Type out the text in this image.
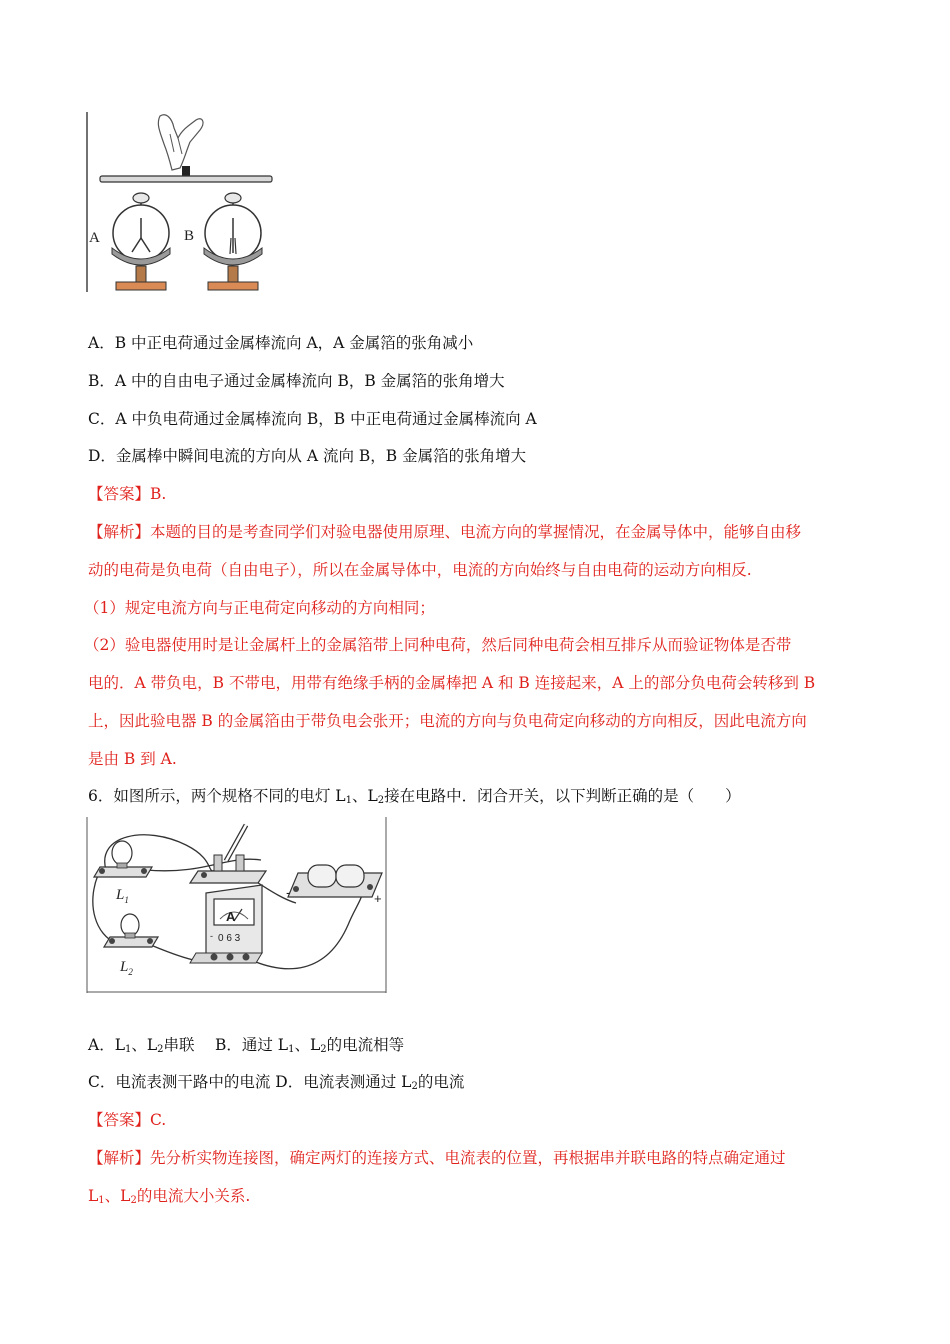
A	B
A．B 中正电荷通过金属棒流向 A，A 金属箔的张角减小
B．A 中的自由电子通过金属棒流向 B，B 金属箔的张角增大
C．A 中负电荷通过金属棒流向 B，B 中正电荷通过金属棒流向 A
D．金属棒中瞬间电流的方向从 A 流向 B，B 金属箔的张角增大
【答案】B.
【解析】本题的目的是考查同学们对验电器使用原理、电流方向的掌握情况，在金属导体中，能够自由移
动的电荷是负电荷（自由电子），所以在金属导体中，电流的方向始终与自由电荷的运动方向相反.
（1）规定电流方向与正电荷定向移动的方向相同；
（2）验电器使用时是让金属杆上的金属箔带上同种电荷，然后同种电荷会相互排斥从而验证物体是否带
电的．A 带负电，B 不带电，用带有绝缘手柄的金属棒把 A 和 B 连接起来，A 上的部分负电荷会转移到 B
上，因此验电器 B 的金属箔由于带负电会张开；电流的方向与负电荷定向移动的方向相反，因此电流方向
是由 B 到 A.
6．如图所示，两个规格不同的电灯 $L_1$、$L_2$接在电路中．闭合开关，以下判断正确的是（　　）
-	+
A
- 0 6 3
$L_1$
$L_2$
A．$L_1$、$L_2$串联　 B．通过 $L_1$、$L_2$的电流相等
C．电流表测干路中的电流 D．电流表测通过 $L_2$的电流
【答案】C.
【解析】先分析实物连接图，确定两灯的连接方式、电流表的位置，再根据串并联电路的特点确定通过
$L_1$、$L_2$的电流大小关系.
